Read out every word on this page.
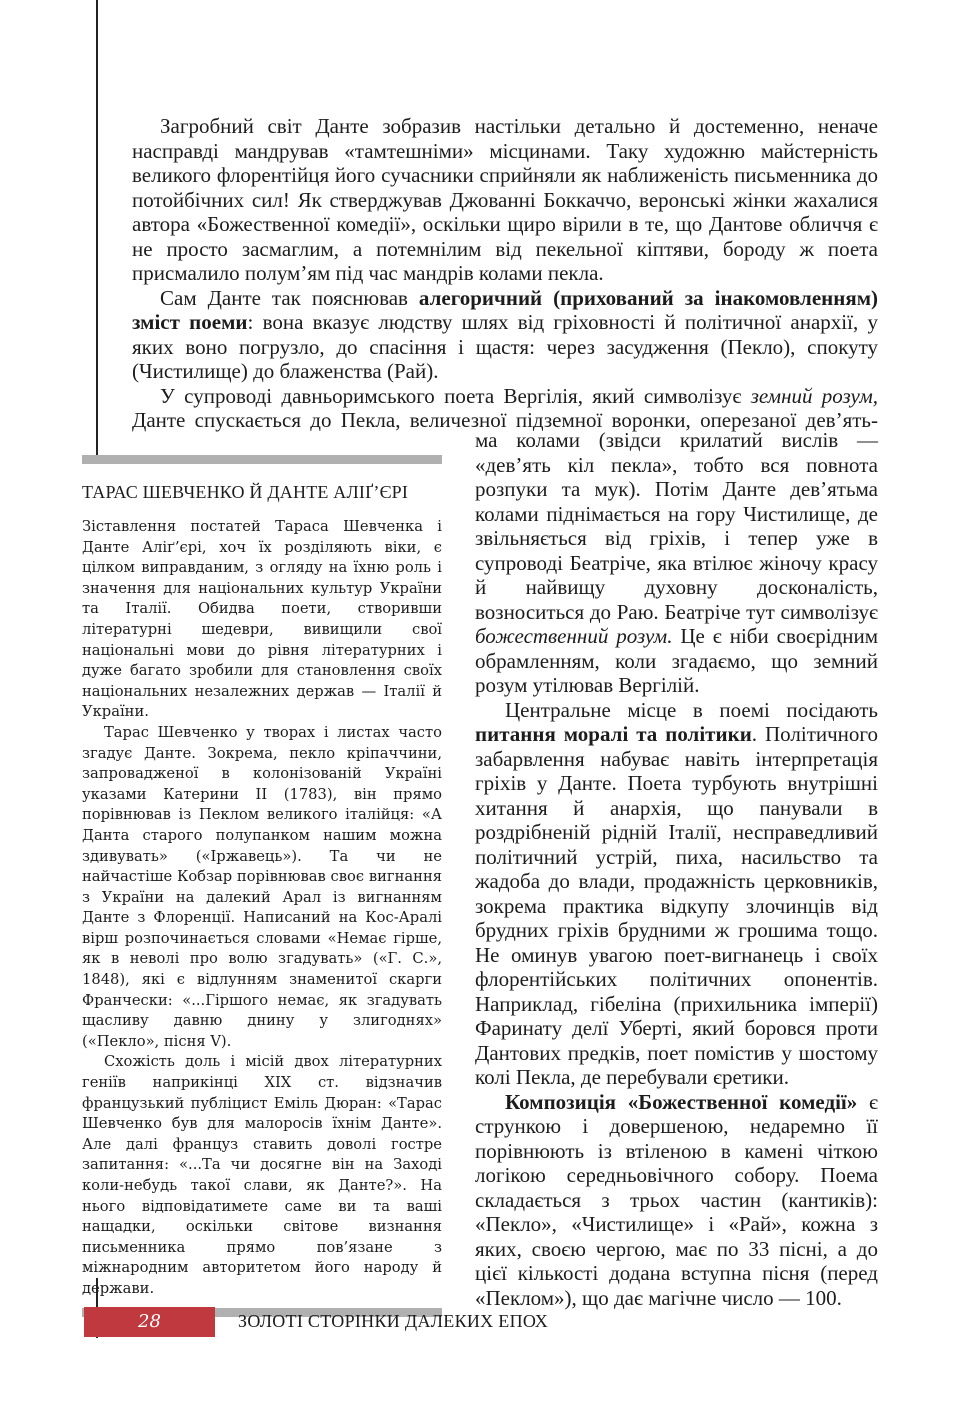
Загробний світ Данте зобразив настільки детально й достеменно, неначе насправді мандрував «тамтешніми» місцинами. Таку художню майстерність великого флорентійця його сучасники сприйняли як наближеність письменника до потойбічних сил! Як стверджував Джованні Боккаччо, веронські жінки жахалися автора «Божественної комедії», оскільки щиро вірили в те, що Дантове обличчя є не просто засмаглим, а потемнілим від пекельної кіптяви, бороду ж поета присмалило полум’ям під час мандрів колами пекла.

Сам Данте так пояснював алегоричний (прихований за інакомовленням) зміст поеми: вона вказує людству шлях від гріховності й політичної анархії, у яких воно погрузло, до спасіння і щастя: через засудження (Пекло), спокуту (Чистилище) до блаженства (Рай).

У супроводі давньоримського поета Вергілія, який символізує земний розум, Данте спускається до Пекла, величезної підземної воронки, оперезаної дев’ять-

ма колами (звідси крилатий вислів — «дев’ять кіл пекла», тобто вся повнота розпуки та мук). Потім Данте дев’ятьма колами піднімається на гору Чистилище, де звільняється від гріхів, і тепер уже в супроводі Беатріче, яка втілює жіночу красу й найвищу духовну досконалість, возноситься до Раю. Беатріче тут символізує божественний розум. Це є ніби своєрідним обрамленням, коли згадаємо, що земний розум утілював Вергілій.

Центральне місце в поемі посідають питання моралі та політики. Політичного забарвлення набуває навіть інтерпретація гріхів у Данте. Поета турбують внутрішні хитання й анархія, що панували в роздрібненій рідній Італії, несправедливий політичний устрій, пиха, насильство та жадоба до влади, продажність церковників, зокрема практика відкупу злочинців від брудних гріхів брудними ж грошима тощо. Не оминув увагою поет-вигнанець і своїх флорентійських політичних опонентів. Наприклад, гібеліна (прихильника імперії) Фаринату делї Уберті, який боровся проти Дантових предків, поет помістив у шостому колі Пекла, де перебували єретики.

Композиція «Божественної комедії» є стрункою і довершеною, недаремно її порівнюють із втіленою в камені чіткою логікою середньовічного собору. Поема складається з трьох частин (кантиків): «Пекло», «Чистилище» і «Рай», кожна з яких, своєю чергою, має по 33 пісні, а до цієї кількості додана вступна пісня (перед «Пеклом»), що дає магічне число — 100.

ТАРАС ШЕВЧЕНКО Й ДАНТЕ АЛІҐ’ЄРІ

Зіставлення постатей Тараса Шевченка і Данте Аліґ’єрі, хоч їх розділяють віки, є цілком виправданим, з огляду на їхню роль і значення для національних культур України та Італії. Обидва поети, створивши літературні шедеври, вивищили свої національні мови до рівня літературних і дуже багато зробили для становлення своїх національних незалежних держав — Італії й України.

Тарас Шевченко у творах і листах часто згадує Данте. Зокрема, пекло кріпаччини, запровадженої в колонізованій Україні указами Катерини II (1783), він прямо порівнював із Пеклом великого італійця: «А Данта старого полупанком нашим можна здивувать» («Іржавець»). Та чи не найчастіше Кобзар порівнював своє вигнання з України на далекий Арал із вигнанням Данте з Флоренції. Написаний на Кос-Аралі вірш розпочинається словами «Немає гірше, як в неволі про волю згадувать» («Г. С.», 1848), які є відлунням знаменитої скарги Франчески: «...Гіршого немає, як згадувать щасливу давню днину у злигоднях» («Пекло», пісня V).

Схожість доль і місій двох літературних геніїв наприкінці XIX ст. відзначив французький публіцист Еміль Дюран: «Тарас Шевченко був для малоросів їхнім Данте». Але далі француз ставить доволі гостре запитання: «...Та чи досягне він на Заході коли-небудь такої слави, як Данте?». На нього відповідатимете саме ви та ваші нащадки, оскільки світове визнання письменника прямо пов’язане з міжнародним авторитетом його народу й держави.

28	ЗОЛОТІ СТОРІНКИ ДАЛЕКИХ ЕПОХ
